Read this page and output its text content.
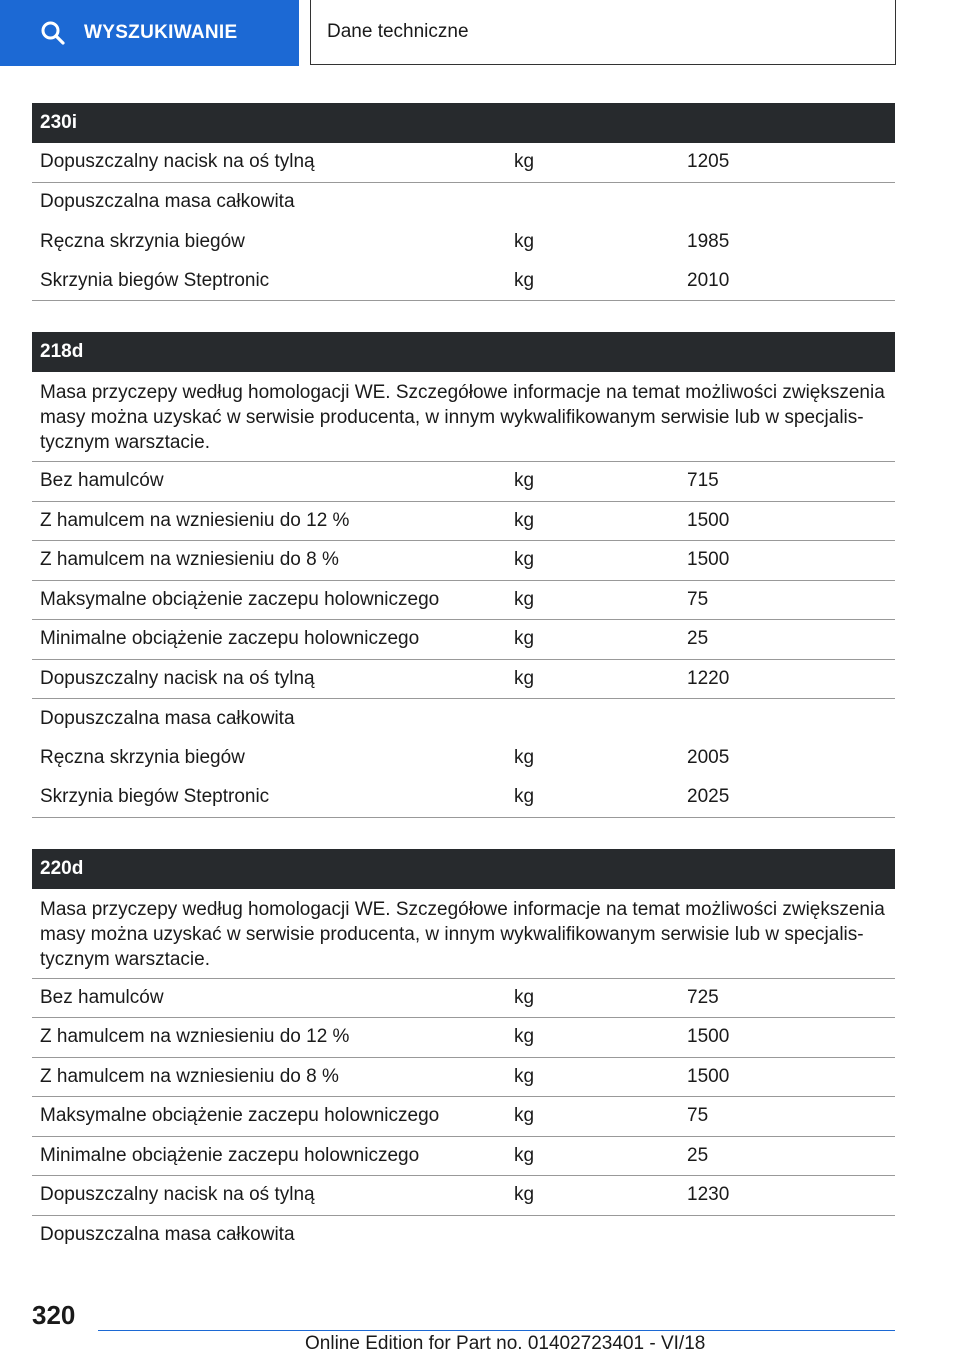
WYSZUKIWANIE	Dane techniczne
230i
Dopuszczalny nacisk na oś tylną	kg	1205
Dopuszczalna masa całkowita
Ręczna skrzynia biegów	kg	1985
Skrzynia biegów Steptronic	kg	2010
218d
Masa przyczepy według homologacji WE. Szczegółowe informacje na temat możliwości zwiększenia masy można uzyskać w serwisie producenta, w innym wykwalifikowanym serwisie lub w specjalistycznym warsztacie.
Bez hamulców	kg	715
Z hamulcem na wzniesieniu do 12 %	kg	1500
Z hamulcem na wzniesieniu do 8 %	kg	1500
Maksymalne obciążenie zaczepu holowniczego	kg	75
Minimalne obciążenie zaczepu holowniczego	kg	25
Dopuszczalny nacisk na oś tylną	kg	1220
Dopuszczalna masa całkowita
Ręczna skrzynia biegów	kg	2005
Skrzynia biegów Steptronic	kg	2025
220d
Masa przyczepy według homologacji WE. Szczegółowe informacje na temat możliwości zwiększenia masy można uzyskać w serwisie producenta, w innym wykwalifikowanym serwisie lub w specjalistycznym warsztacie.
Bez hamulców	kg	725
Z hamulcem na wzniesieniu do 12 %	kg	1500
Z hamulcem na wzniesieniu do 8 %	kg	1500
Maksymalne obciążenie zaczepu holowniczego	kg	75
Minimalne obciążenie zaczepu holowniczego	kg	25
Dopuszczalny nacisk na oś tylną	kg	1230
Dopuszczalna masa całkowita
320
Online Edition for Part no. 01402723401 - VI/18
